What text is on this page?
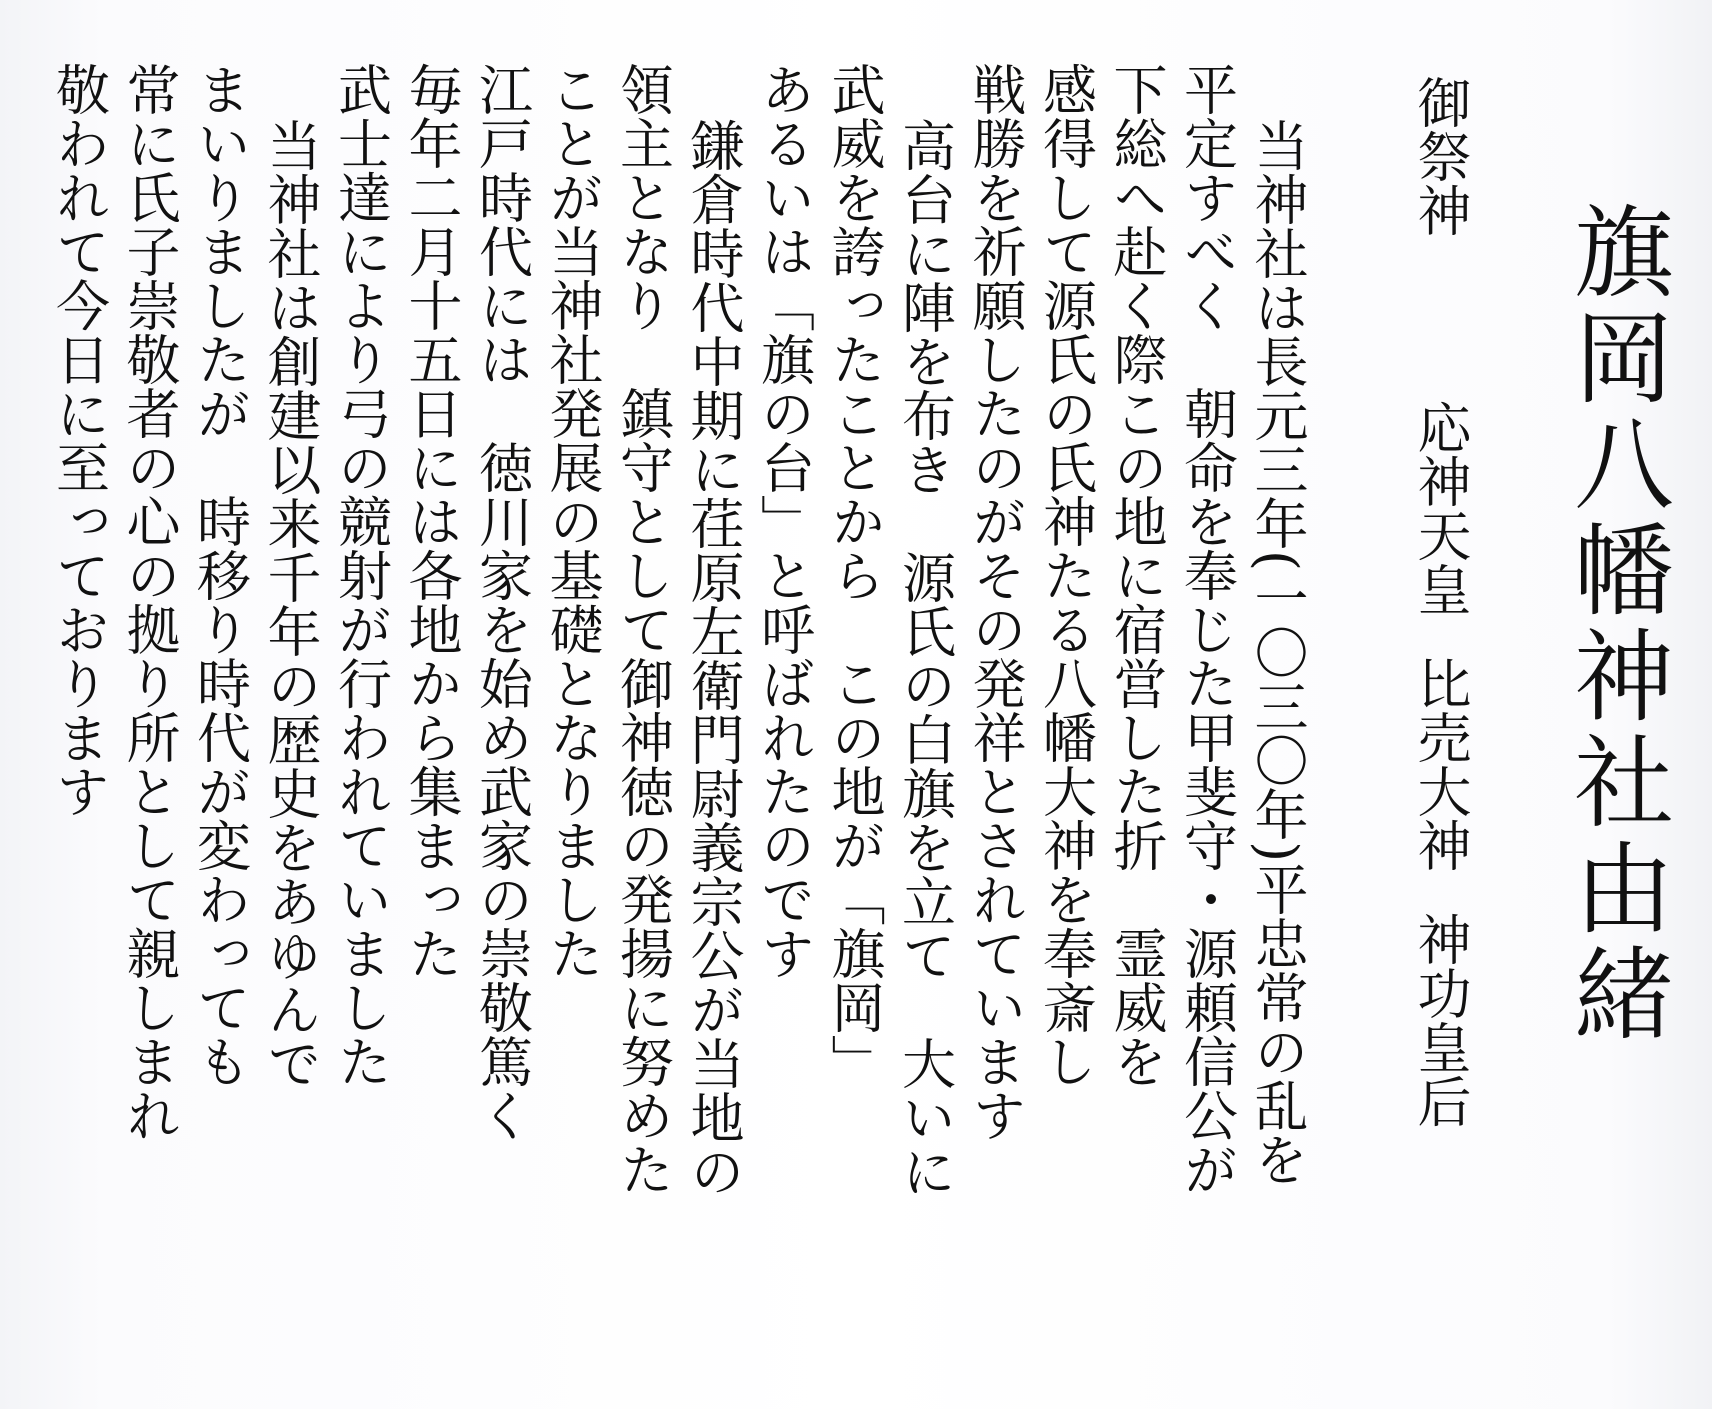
旗岡八幡神社由緒
御祭神
応神天皇比売大神神功皇后
当神社は長元三年(一〇三〇年)平忠常の乱を
平定すべく　朝命を奉じた甲斐守・源頼信公が
下総へ赴く際この地に宿営した折　霊威を
感得して源氏の氏神たる八幡大神を奉斎し
戦勝を祈願したのがその発祥とされています
高台に陣を布き　源氏の白旗を立て　大いに
武威を誇ったことから　この地が「旗岡」
あるいは「旗の台」と呼ばれたのです
鎌倉時代中期に荏原左衛門尉義宗公が当地の
領主となり　鎮守として御神徳の発揚に努めた
ことが当神社発展の基礎となりました
江戸時代には　徳川家を始め武家の崇敬篤く
毎年二月十五日には各地から集まった
武士達により弓の競射が行われていました
当神社は創建以来千年の歴史をあゆんで
まいりましたが　時移り時代が変わっても
常に氏子崇敬者の心の拠り所として親しまれ
敬われて今日に至っております
